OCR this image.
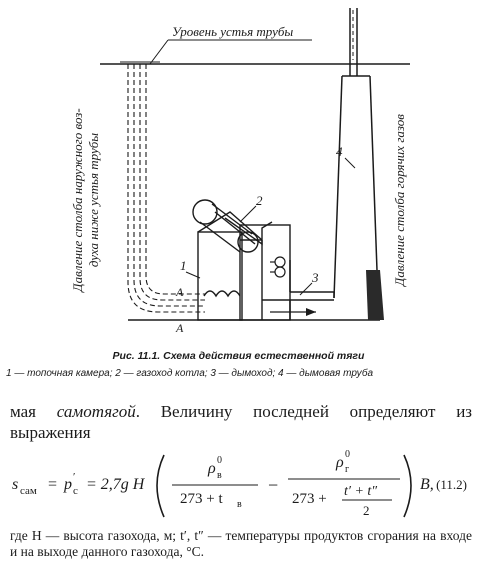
Уровень устья трубы
1
2
3
4
A
A
Давление столба наружного воз- духа ниже устья трубы	Давление столба горячих газов
Рис. 11.1. Схема действия естественной тяги
1 — топочная камера; 2 — газоход котла; 3 — дымоход; 4 — дымовая труба
мая самотягой. Величину последней определяют из выражения
s сам = p ′
с = 2,7g H
ρ 0
в
273 + t в
−
ρ 0
г
273 + t′ + t″
2
B, (11.2)
где H — высота газохода, м; t′, t″ — температуры продуктов сгорания на входе и на выходе данного газохода, °C.
